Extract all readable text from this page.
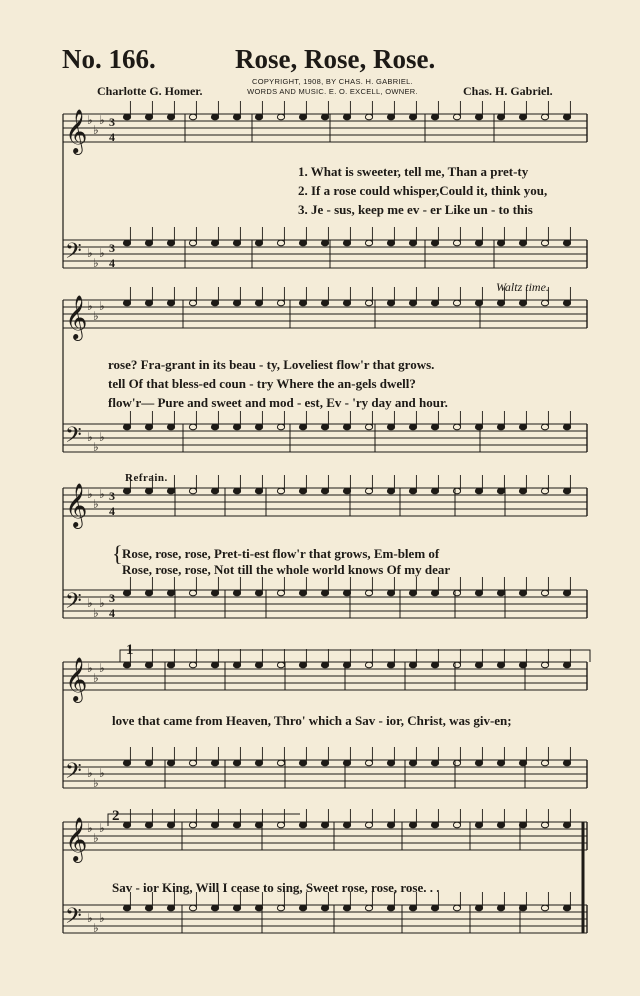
No. 166.	Rose, Rose, Rose.
COPYRIGHT, 1908, BY CHAS. H. GABRIEL.
WORDS AND MUSIC. E. O. EXCELL, OWNER.
Charlotte G. Homer.	Chas. H. Gabriel.
𝄞 ♭
♭
♭ 3
4
𝄢 ♭
♭
♭ 3
4
𝄞 ♭
♭
♭
𝄢 ♭
♭
♭
𝄞 ♭
♭
♭ 3
4
𝄢 ♭
♭
♭ 3
4
𝄞 ♭
♭
♭
𝄢 ♭
♭
♭
𝄞 ♭
♭
♭
𝄢 ♭
♭
♭
Waltz time.
Refrain.
1. What is sweeter, tell me, Than a pret-ty
2. If a rose could whisper,Could it, think you,
3. Je - sus, keep me ev - er Like un - to this
rose? Fra-grant in its beau - ty, Loveliest flow'r that grows.
tell Of that bless-ed coun - try Where the an-gels dwell?
flow'r— Pure and sweet and mod - est, Ev - 'ry day and hour.
{ Rose, rose, rose, Pret-ti-est flow'r that grows, Em-blem of
Rose, rose, rose, Not till the whole world knows Of my dear
love that came from Heaven, Thro' which a Sav - ior, Christ, was giv-en;
Sav - ior King, Will I cease to sing, Sweet rose, rose, rose. . .
1
2
